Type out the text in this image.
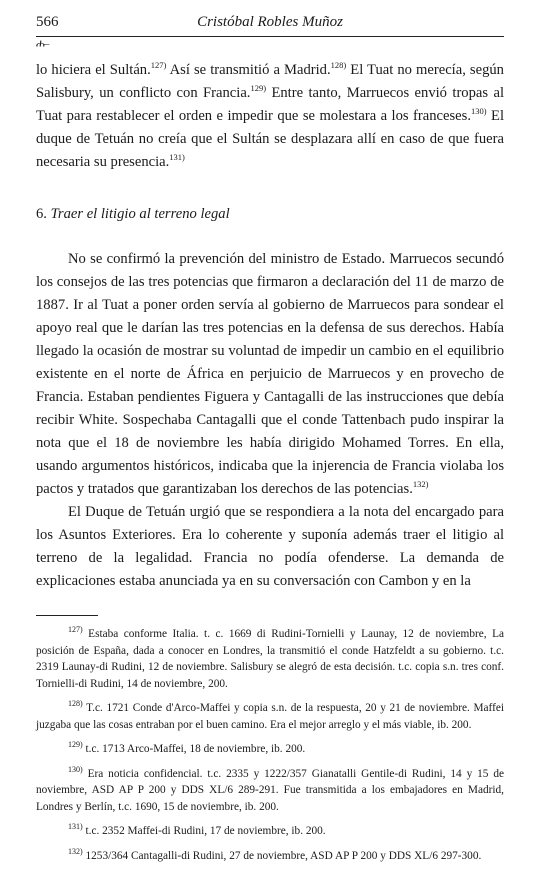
566	Cristóbal Robles Muñoz
ሐ–

lo hiciera el Sultán.$^{127)}$ Así se transmitió a Madrid.$^{128)}$ El Tuat no merecía, según Salisbury, un conflicto con Francia.$^{129)}$ Entre tanto, Marruecos envió tropas al Tuat para restablecer el orden e impedir que se molestara a los franceses.$^{130)}$ El duque de Tetuán no creía que el Sultán se desplazara allí en caso de que fuera necesaria su presencia.$^{131)}$

6. Traer el litigio al terreno legal

No se confirmó la prevención del ministro de Estado. Marruecos secundó los consejos de las tres potencias que firmaron a declaración del 11 de marzo de 1887. Ir al Tuat a poner orden servía al gobierno de Marruecos para sondear el apoyo real que le darían las tres potencias en la defensa de sus derechos. Había llegado la ocasión de mostrar su voluntad de impedir un cambio en el equilibrio existente en el norte de África en perjuicio de Marruecos y en provecho de Francia. Estaban pendientes Figuera y Cantagalli de las instrucciones que debía recibir White. Sospechaba Cantagalli que el conde Tattenbach pudo inspirar la nota que el 18 de noviembre les había dirigido Mohamed Torres. En ella, usando argumentos históricos, indicaba que la injerencia de Francia violaba los pactos y tratados que garantizaban los derechos de las potencias.$^{132)}$

El Duque de Tetuán urgió que se respondiera a la nota del encargado para los Asuntos Exteriores. Era lo coherente y suponía además traer el litigio al terreno de la legalidad. Francia no podía ofenderse. La demanda de explicaciones estaba anunciada ya en su conversación con Cambon y en la

$^{127)}$ Estaba conforme Italia. t. c. 1669 di Rudini-Tornielli y Launay, 12 de noviembre, La posición de España, dada a conocer en Londres, la transmitió el conde Hatzfeldt a su gobierno. t.c. 2319 Launay-di Rudini, 12 de noviembre. Salisbury se alegró de esta decisión. t.c. copia s.n. tres conf. Tornielli-di Rudini, 14 de noviembre, 200.

$^{128)}$ T.c. 1721 Conde d'Arco-Maffei y copia s.n. de la respuesta, 20 y 21 de noviembre. Maffei juzgaba que las cosas entraban por el buen camino. Era el mejor arreglo y el más viable, ib. 200.

$^{129)}$ t.c. 1713 Arco-Maffei, 18 de noviembre, ib. 200.

$^{130)}$ Era noticia confidencial. t.c. 2335 y 1222/357 Gianatalli Gentile-di Rudini, 14 y 15 de noviembre, ASD AP P 200 y DDS XL/6 289-291. Fue transmitida a los embajadores en Madrid, Londres y Berlín, t.c. 1690, 15 de noviembre, ib. 200.

$^{131)}$ t.c. 2352 Maffei-di Rudini, 17 de noviembre, ib. 200.

$^{132)}$ 1253/364 Cantagalli-di Rudini, 27 de noviembre, ASD AP P 200 y DDS XL/6 297-300.
